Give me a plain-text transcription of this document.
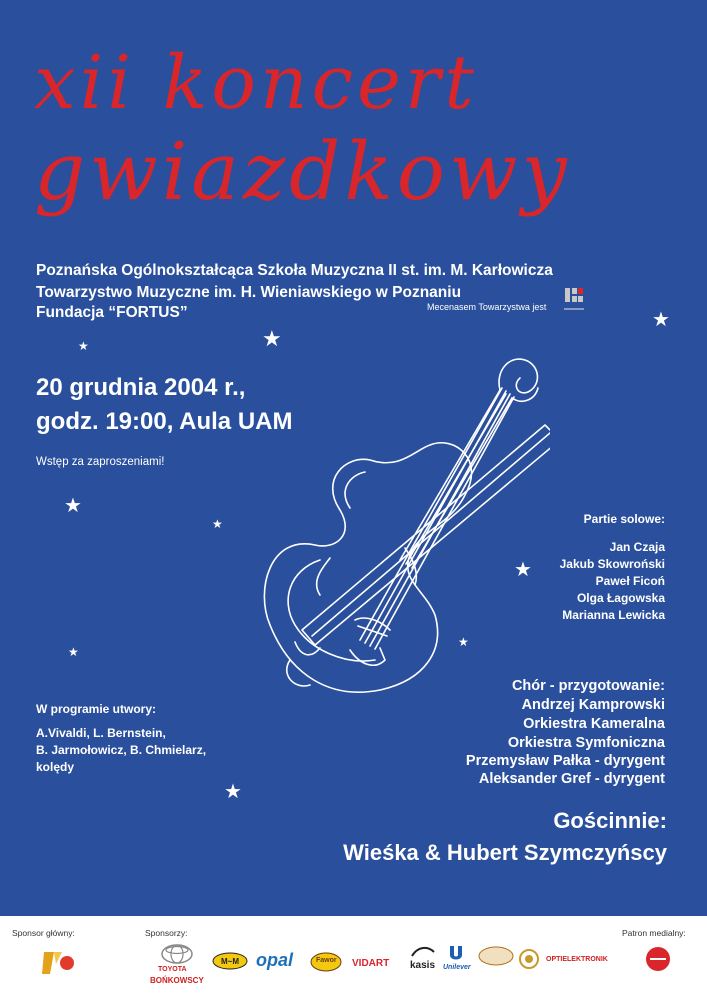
xii koncert
gwiazdkowy
Poznańska Ogólnokształcąca Szkoła Muzyczna II st. im. M. Karłowicza
Towarzystwo Muzyczne im. H. Wieniawskiego w Poznaniu
Fundacja “FORTUS”	Mecenasem Towarzystwa jest
20 grudnia 2004 r.,
godz. 19:00, Aula UAM
Wstęp za zaproszeniami!
Partie solowe:
Jan Czaja
Jakub Skowroński
Paweł Ficoń
Olga Łagowska
Marianna Lewicka
W programie utwory:
A.Vivaldi, L. Bernstein,
B. Jarmołowicz, B. Chmielarz,
kolędy
Chór - przygotowanie:
Andrzej Kamprowski
Orkiestra Kameralna
Orkiestra Symfoniczna
Przemysław Pałka - dyrygent
Aleksander Gref - dyrygent
Gościnnie:
Wieśka & Hubert Szymczyńscy
★
★
★
★
★
★
★
★
★
Sponsor główny:	Sponsorzy:	Patron medialny:
TOYOTA
BOŃKOWSCY
M~M opal	Fawor VIDART kasis Unilever
OPTIELEKTRONIK
